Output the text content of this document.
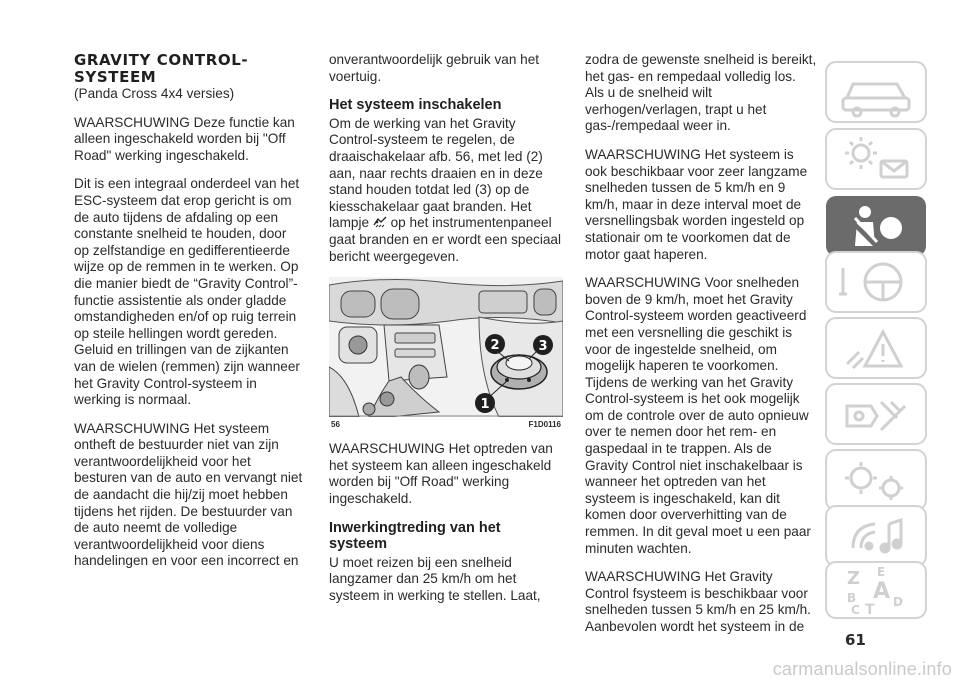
GRAVITY CONTROL-
SYSTEEM

(Panda Cross 4x4 versies)

WAARSCHUWING Deze functie kan alleen ingeschakeld worden bij "Off Road" werking ingeschakeld.

Dit is een integraal onderdeel van het ESC-systeem dat erop gericht is om de auto tijdens de afdaling op een constante snelheid te houden, door op zelfstandige en gedifferentieerde wijze op de remmen in te werken. Op die manier biedt de “Gravity Control”-functie assistentie als onder gladde omstandigheden en/of op ruig terrein op steile hellingen wordt gereden. Geluid en trillingen van de zijkanten van de wielen (remmen) zijn wanneer het Gravity Control-systeem in werking is normaal.

WAARSCHUWING Het systeem ontheft de bestuurder niet van zijn verantwoordelijkheid voor het besturen van de auto en vervangt niet de aandacht die hij/zij moet hebben tijdens het rijden. De bestuurder van de auto neemt de volledige verantwoordelijkheid voor diens handelingen en voor een incorrect en

onverantwoordelijk gebruik van het voertuig.

Het systeem inschakelen

Om de werking van het Gravity Control-systeem te regelen, de draaischakelaar afb. 56, met led (2) aan, naar rechts draaien en in deze stand houden totdat led (3) op de kiesschakelaar gaat branden. Het lampje op het instrumentenpaneel gaat branden en er wordt een speciaal bericht weergegeven.

2	3
1
56	F1D0116

WAARSCHUWING Het optreden van het systeem kan alleen ingeschakeld worden bij "Off Road" werking ingeschakeld.

Inwerkingtreding van het systeem

U moet reizen bij een snelheid langzamer dan 25 km/h om het systeem in werking te stellen. Laat,

zodra de gewenste snelheid is bereikt, het gas- en rempedaal volledig los. Als u de snelheid wilt verhogen/verlagen, trapt u het gas-/rempedaal weer in.

WAARSCHUWING Het systeem is ook beschikbaar voor zeer langzame snelheden tussen de 5 km/h en 9 km/h, maar in deze interval moet de versnellingsbak worden ingesteld op stationair om te voorkomen dat de motor gaat haperen.

WAARSCHUWING Voor snelheden boven de 9 km/h, moet het Gravity Control-systeem worden geactiveerd met een versnelling die geschikt is voor de ingestelde snelheid, om mogelijk haperen te voorkomen. Tijdens de werking van het Gravity Control-systeem is het ook mogelijk om de controle over de auto opnieuw over te nemen door het rem- en gaspedaal in te trappen. Als de Gravity Control niet inschakelbaar is wanneer het optreden van het systeem is ingeschakeld, kan dit komen door oververhitting van de remmen. In dit geval moet u een paar minuten wachten.

WAARSCHUWING Het Gravity Control fsysteem is beschikbaar voor snelheden tussen 5 km/h en 25 km/h. Aanbevolen wordt het systeem in de

Z E
A
B
C T D
61
carmanualsonline.info
